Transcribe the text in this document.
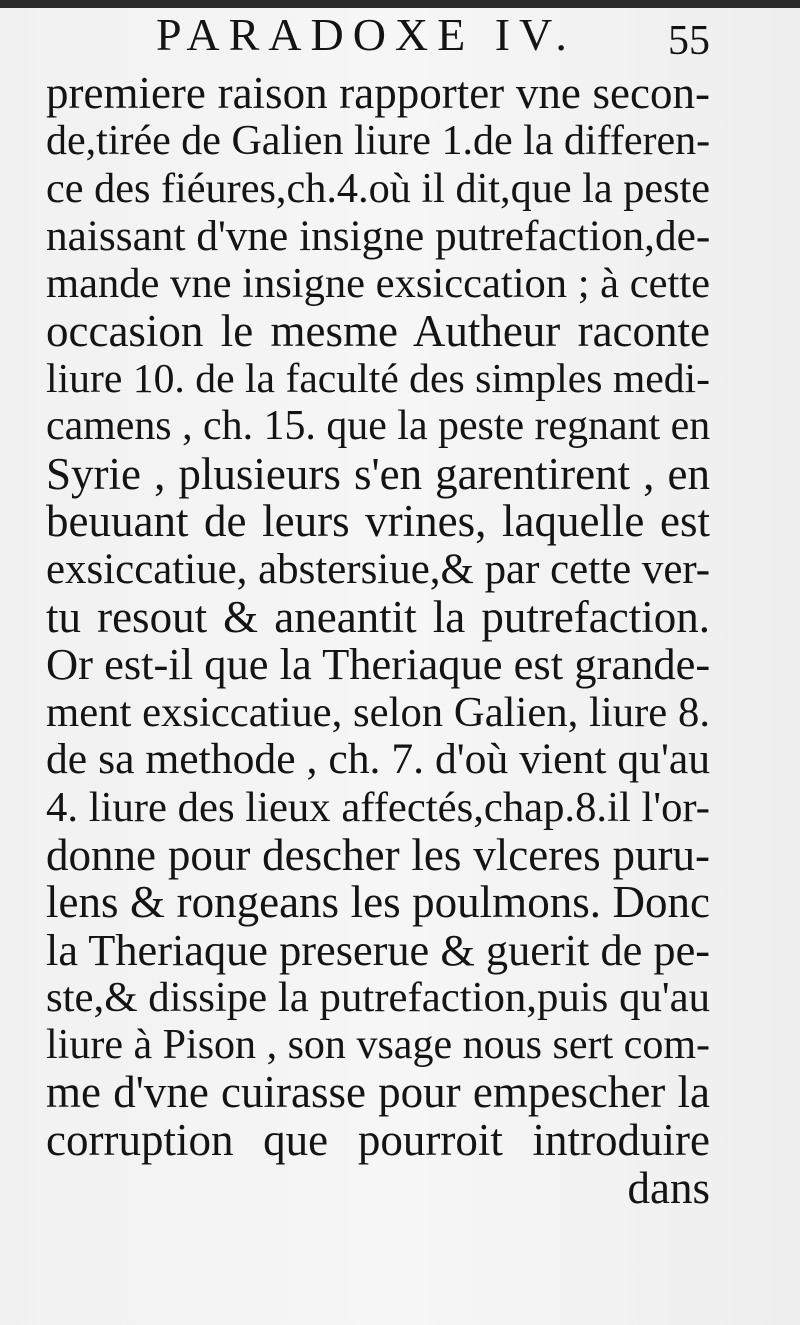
PARADOXE IV. 55
premiere raison rapporter vne secon-
de,tirée de Galien liure 1.de la differen-
ce des fiéures,ch.4.où il dit,que la peste
naissant d'vne insigne putrefaction,de-
mande vne insigne exsiccation ; à cette
occasion le mesme Autheur raconte
liure 10. de la faculté des simples medi-
camens , ch. 15. que la peste regnant en
Syrie , plusieurs s'en garentirent , en
beuuant de leurs vrines, laquelle est
exsiccatiue, abstersiue,& par cette ver-
tu resout & aneantit la putrefaction.
Or est-il que la Theriaque est grande-
ment exsiccatiue, selon Galien, liure 8.
de sa methode , ch. 7. d'où vient qu'au
4. liure des lieux affectés,chap.8.il l'or-
donne pour descher les vlceres puru-
lens & rongeans les poulmons. Donc
la Theriaque preserue & guerit de pe-
ste,& dissipe la putrefaction,puis qu'au
liure à Pison , son vsage nous sert com-
me d'vne cuirasse pour empescher la
corruption que pourroit introduire
dans
